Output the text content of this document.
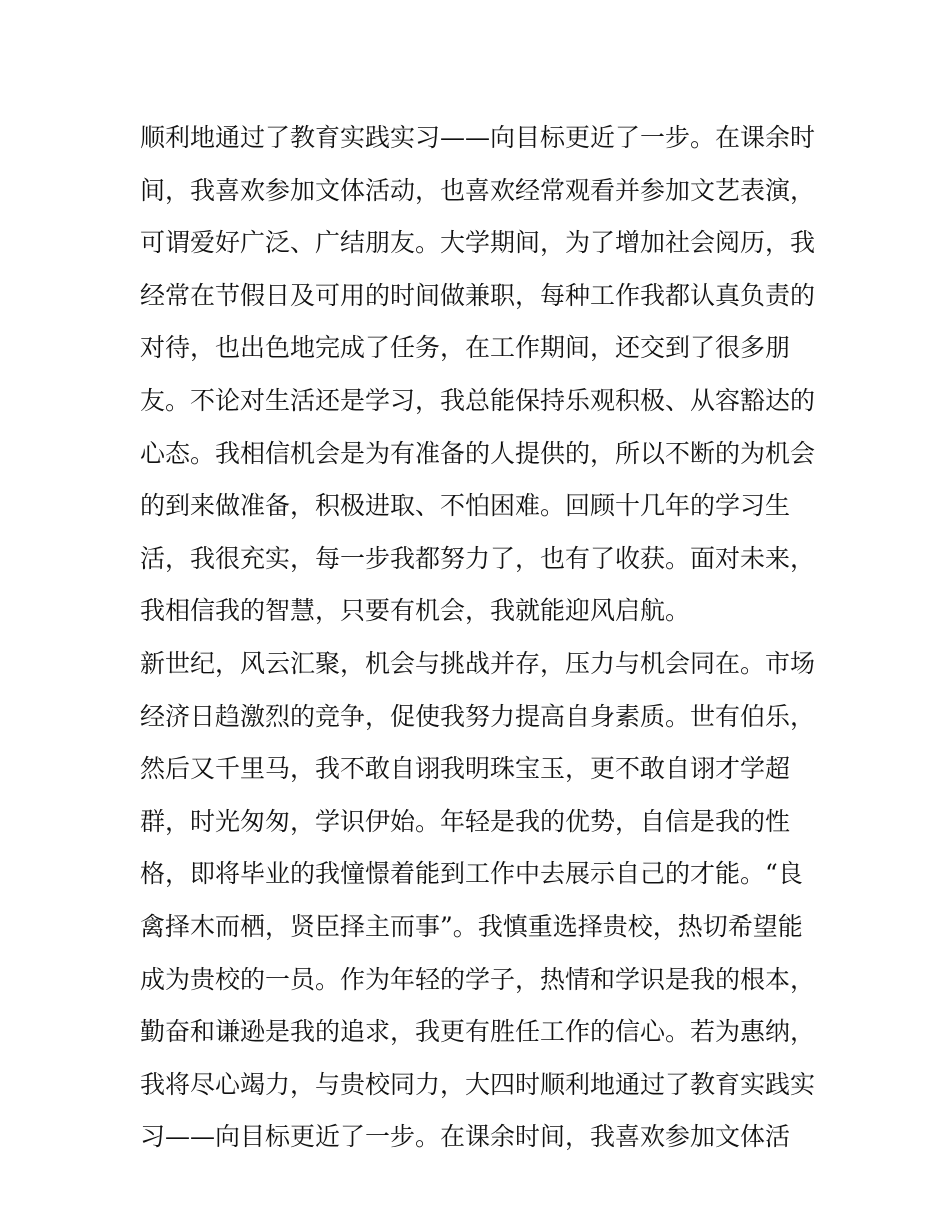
顺利地通过了教育实践实习——向目标更近了一步。在课余时
间，我喜欢参加文体活动，也喜欢经常观看并参加文艺表演，
可谓爱好广泛、广结朋友。大学期间，为了增加社会阅历，我
经常在节假日及可用的时间做兼职，每种工作我都认真负责的
对待，也出色地完成了任务，在工作期间，还交到了很多朋
友。不论对生活还是学习，我总能保持乐观积极、从容豁达的
心态。我相信机会是为有准备的人提供的，所以不断的为机会
的到来做准备，积极进取、不怕困难。回顾十几年的学习生
活，我很充实，每一步我都努力了，也有了收获。面对未来，
我相信我的智慧，只要有机会，我就能迎风启航。
新世纪，风云汇聚，机会与挑战并存，压力与机会同在。市场
经济日趋激烈的竞争，促使我努力提高自身素质。世有伯乐，
然后又千里马，我不敢自诩我明珠宝玉，更不敢自诩才学超
群，时光匆匆，学识伊始。年轻是我的优势，自信是我的性
格，即将毕业的我憧憬着能到工作中去展示自己的才能。“良
禽择木而栖，贤臣择主而事”。我慎重选择贵校，热切希望能
成为贵校的一员。作为年轻的学子，热情和学识是我的根本，
勤奋和谦逊是我的追求，我更有胜任工作的信心。若为惠纳，
我将尽心竭力，与贵校同力，大四时顺利地通过了教育实践实
习——向目标更近了一步。在课余时间，我喜欢参加文体活
